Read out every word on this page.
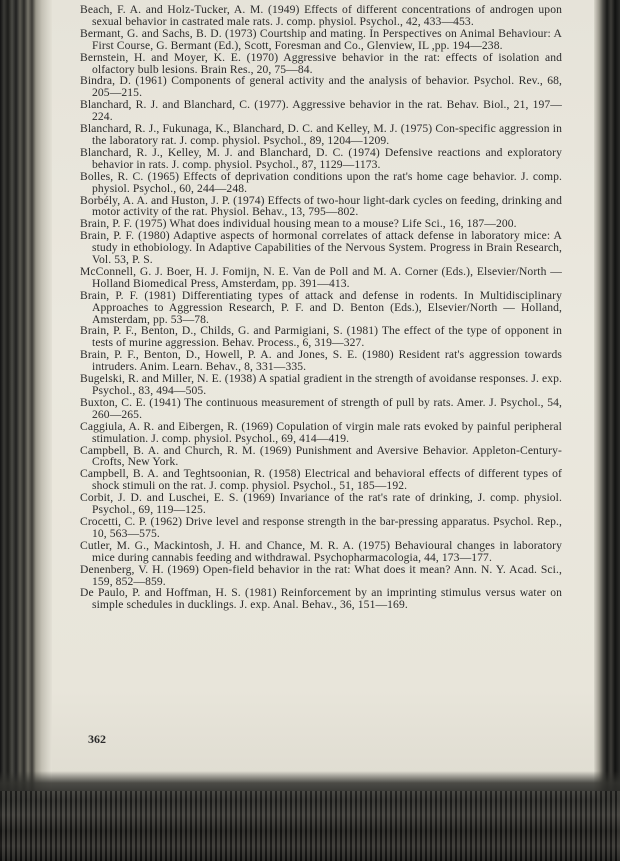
Beach, F. A. and Holz-Tucker, A. M. (1949) Effects of different concentrations of androgen upon sexual behavior in castrated male rats. J. comp. physiol. Psychol., 42, 433—453.

Bermant, G. and Sachs, B. D. (1973) Courtship and mating. In Perspectives on Animal Behaviour: A First Course, G. Bermant (Ed.), Scott, Foresman and Co., Glenview, IL ,pp. 194—238.

Bernstein, H. and Moyer, K. E. (1970) Aggressive behavior in the rat: effects of isolation and olfactory bulb lesions. Brain Res., 20, 75—84.

Bindra, D. (1961) Components of general activity and the analysis of behavior. Psychol. Rev., 68, 205—215.

Blanchard, R. J. and Blanchard, C. (1977). Aggressive behavior in the rat. Behav. Biol., 21, 197—224.

Blanchard, R. J., Fukunaga, K., Blanchard, D. C. and Kelley, M. J. (1975) Con-specific aggression in the laboratory rat. J. comp. physiol. Psychol., 89, 1204—1209.

Blanchard, R. J., Kelley, M. J. and Blanchard, D. C. (1974) Defensive reactions and exploratory behavior in rats. J. comp. physiol. Psychol., 87, 1129—1173.

Bolles, R. C. (1965) Effects of deprivation conditions upon the rat's home cage behavior. J. comp. physiol. Psychol., 60, 244—248.

Borbély, A. A. and Huston, J. P. (1974) Effects of two-hour light-dark cycles on feeding, drinking and motor activity of the rat. Physiol. Behav., 13, 795—802.

Brain, P. F. (1975) What does individual housing mean to a mouse? Life Sci., 16, 187—200.

Brain, P. F. (1980) Adaptive aspects of hormonal correlates of attack defense in laboratory mice: A study in ethobiology. In Adaptive Capabilities of the Nervous System. Progress in Brain Research, Vol. 53, P. S.

McConnell, G. J. Boer, H. J. Fomijn, N. E. Van de Poll and M. A. Corner (Eds.), Elsevier/North — Holland Biomedical Press, Amsterdam, pp. 391—413.

Brain, P. F. (1981) Differentiating types of attack and defense in rodents. In Multidisciplinary Approaches to Aggression Research, P. F. and D. Benton (Eds.), Elsevier/North — Holland, Amsterdam, pp. 53—78.

Brain, P. F., Benton, D., Childs, G. and Parmigiani, S. (1981) The effect of the type of opponent in tests of murine aggression. Behav. Process., 6, 319—327.

Brain, P. F., Benton, D., Howell, P. A. and Jones, S. E. (1980) Resident rat's aggression towards intruders. Anim. Learn. Behav., 8, 331—335.

Bugelski, R. and Miller, N. E. (1938) A spatial gradient in the strength of avoidanse responses. J. exp. Psychol., 83, 494—505.

Buxton, C. E. (1941) The continuous measurement of strength of pull by rats. Amer. J. Psychol., 54, 260—265.

Caggiula, A. R. and Eibergen, R. (1969) Copulation of virgin male rats evoked by painful peripheral stimulation. J. comp. physiol. Psychol., 69, 414—419.

Campbell, B. A. and Church, R. M. (1969) Punishment and Aversive Behavior. Appleton-Century-Crofts, New York.

Campbell, B. A. and Teghtsoonian, R. (1958) Electrical and behavioral effects of different types of shock stimuli on the rat. J. comp. physiol. Psychol., 51, 185—192.

Corbit, J. D. and Luschei, E. S. (1969) Invariance of the rat's rate of drinking, J. comp. physiol. Psychol., 69, 119—125.

Crocetti, C. P. (1962) Drive level and response strength in the bar-pressing apparatus. Psychol. Rep., 10, 563—575.

Cutler, M. G., Mackintosh, J. H. and Chance, M. R. A. (1975) Behavioural changes in laboratory mice during cannabis feeding and withdrawal. Psychopharmacologia, 44, 173—177.

Denenberg, V. H. (1969) Open-field behavior in the rat: What does it mean? Ann. N. Y. Acad. Sci., 159, 852—859.

De Paulo, P. and Hoffman, H. S. (1981) Reinforcement by an imprinting stimulus versus water on simple schedules in ducklings. J. exp. Anal. Behav., 36, 151—169.

362
